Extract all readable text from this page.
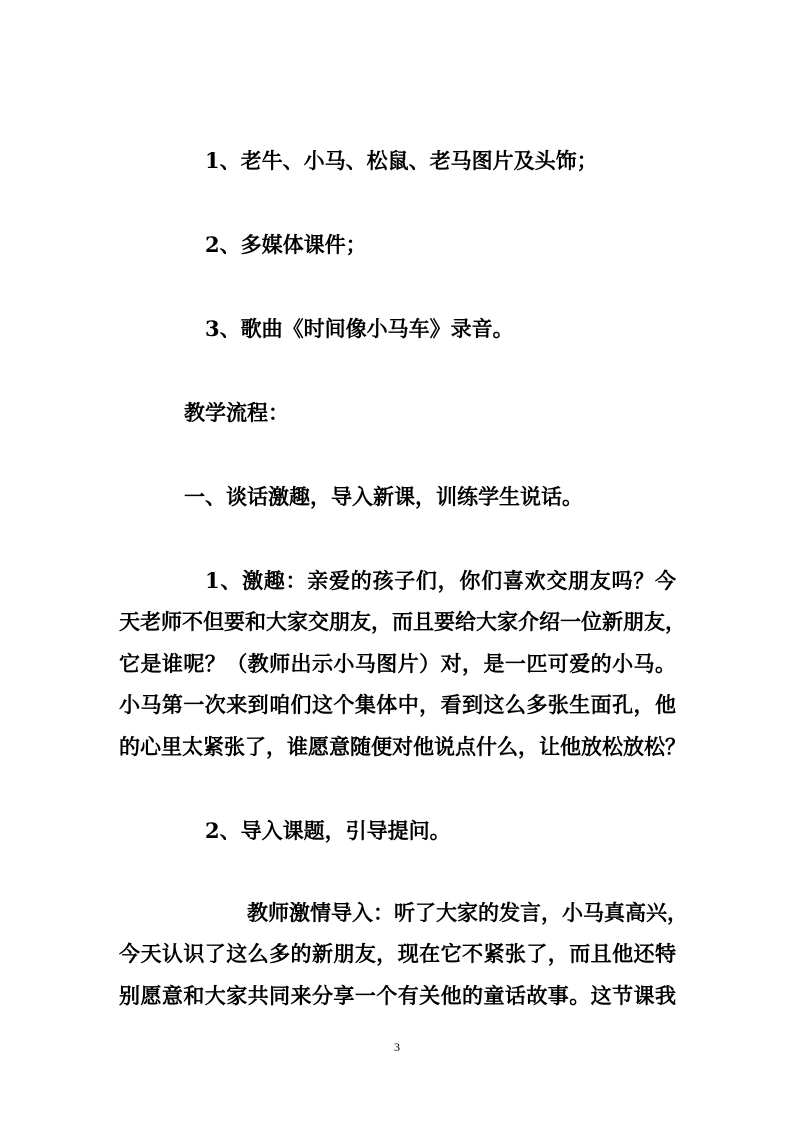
1、老牛、小马、松鼠、老马图片及头饰；
2、多媒体课件；
3、歌曲《时间像小马车》录音。
教学流程：
一、谈话激趣，导入新课，训练学生说话。
1、激趣：亲爱的孩子们，你们喜欢交朋友吗？今
天老师不但要和大家交朋友，而且要给大家介绍一位新朋友，
它是谁呢？（教师出示小马图片）对，是一匹可爱的小马。
小马第一次来到咱们这个集体中，看到这么多张生面孔，他
的心里太紧张了，谁愿意随便对他说点什么，让他放松放松？
2、导入课题，引导提问。
教师激情导入：听了大家的发言，小马真高兴，
今天认识了这么多的新朋友，现在它不紧张了，而且他还特
别愿意和大家共同来分享一个有关他的童话故事。这节课我
3
